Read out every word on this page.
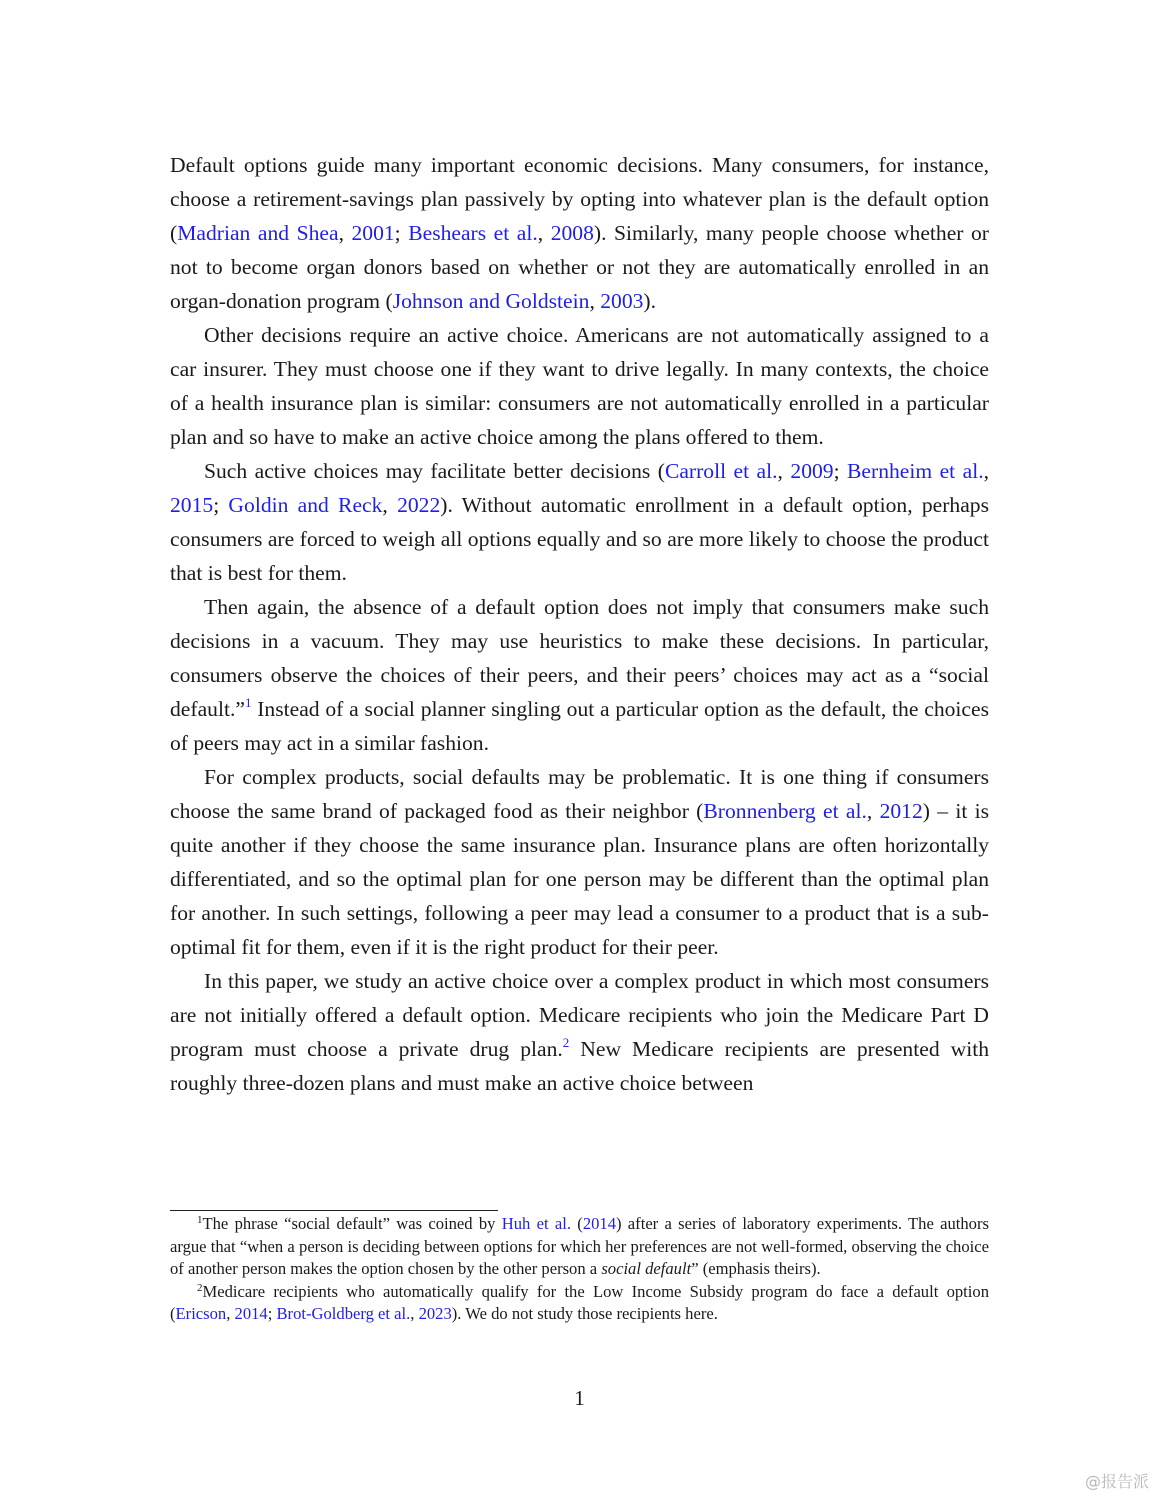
Default options guide many important economic decisions. Many consumers, for instance, choose a retirement-savings plan passively by opting into whatever plan is the default option (Madrian and Shea, 2001; Beshears et al., 2008). Similarly, many people choose whether or not to become organ donors based on whether or not they are automatically enrolled in an organ-donation program (Johnson and Goldstein, 2003).

Other decisions require an active choice. Americans are not automatically assigned to a car insurer. They must choose one if they want to drive legally. In many contexts, the choice of a health insurance plan is similar: consumers are not automatically enrolled in a particular plan and so have to make an active choice among the plans offered to them.

Such active choices may facilitate better decisions (Carroll et al., 2009; Bernheim et al., 2015; Goldin and Reck, 2022). Without automatic enrollment in a default option, perhaps consumers are forced to weigh all options equally and so are more likely to choose the product that is best for them.

Then again, the absence of a default option does not imply that consumers make such decisions in a vacuum. They may use heuristics to make these decisions. In particular, consumers observe the choices of their peers, and their peers’ choices may act as a “social default.”$^1$ Instead of a social planner singling out a particular option as the default, the choices of peers may act in a similar fashion.

For complex products, social defaults may be problematic. It is one thing if consumers choose the same brand of packaged food as their neighbor (Bronnenberg et al., 2012) – it is quite another if they choose the same insurance plan. Insurance plans are often horizontally differentiated, and so the optimal plan for one person may be different than the optimal plan for another. In such settings, following a peer may lead a consumer to a product that is a sub-optimal fit for them, even if it is the right product for their peer.

In this paper, we study an active choice over a complex product in which most consumers are not initially offered a default option. Medicare recipients who join the Medicare Part D program must choose a private drug plan.$^2$ New Medicare recipients are presented with roughly three-dozen plans and must make an active choice between

$^1$The phrase “social default” was coined by Huh et al. (2014) after a series of laboratory experiments. The authors argue that “when a person is deciding between options for which her preferences are not well-formed, observing the choice of another person makes the option chosen by the other person a social default” (emphasis theirs).

$^2$Medicare recipients who automatically qualify for the Low Income Subsidy program do face a default option (Ericson, 2014; Brot-Goldberg et al., 2023). We do not study those recipients here.

1
@报告派
